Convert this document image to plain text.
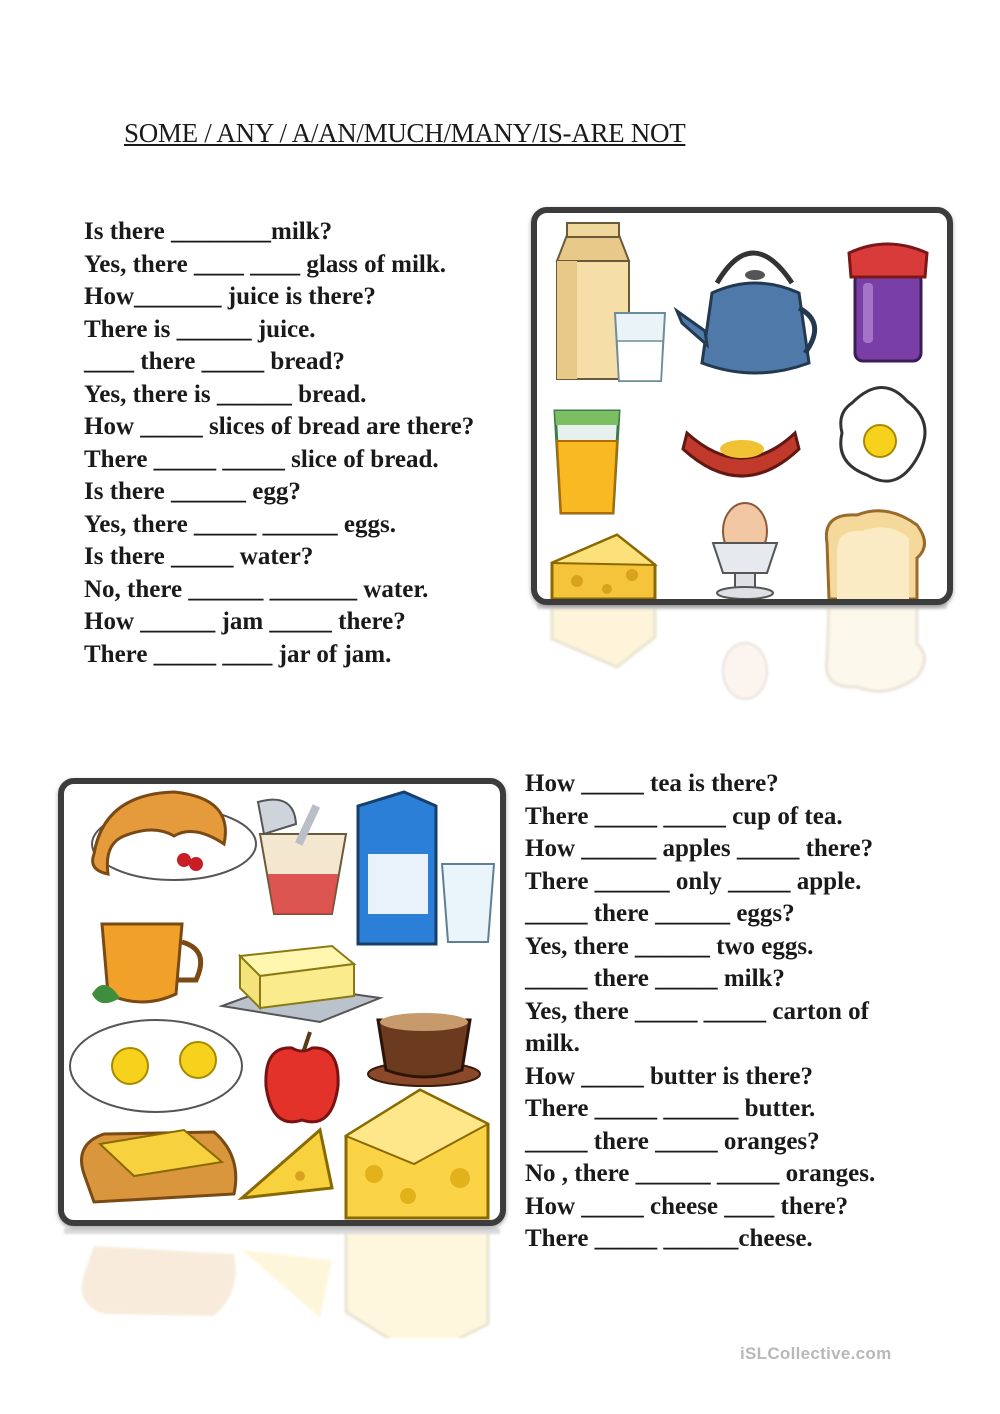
SOME / ANY / A/AN/MUCH/MANY/IS-ARE NOT
Is there ________milk?
Yes, there ____ ____ glass of milk.
How_______ juice is there?
There is ______ juice.
____ there _____ bread?
Yes, there is ______ bread.
How _____ slices of bread are there?
There _____ _____ slice of bread.
Is there ______ egg?
Yes, there _____ ______ eggs.
Is there _____ water?
No, there ______ _______ water.
How ______ jam _____ there?
There _____ ____ jar of jam.
How _____ tea is there?
There _____ _____ cup of tea.
How ______ apples _____ there?
There ______ only _____ apple.
_____ there ______ eggs?
Yes, there ______ two eggs.
_____ there _____ milk?
Yes, there _____ _____ carton of
milk.
How _____ butter is there?
There _____ ______ butter.
_____ there _____ oranges?
No , there ______ _____ oranges.
How _____ cheese ____ there?
There _____ ______cheese.
iSLCollective.com
